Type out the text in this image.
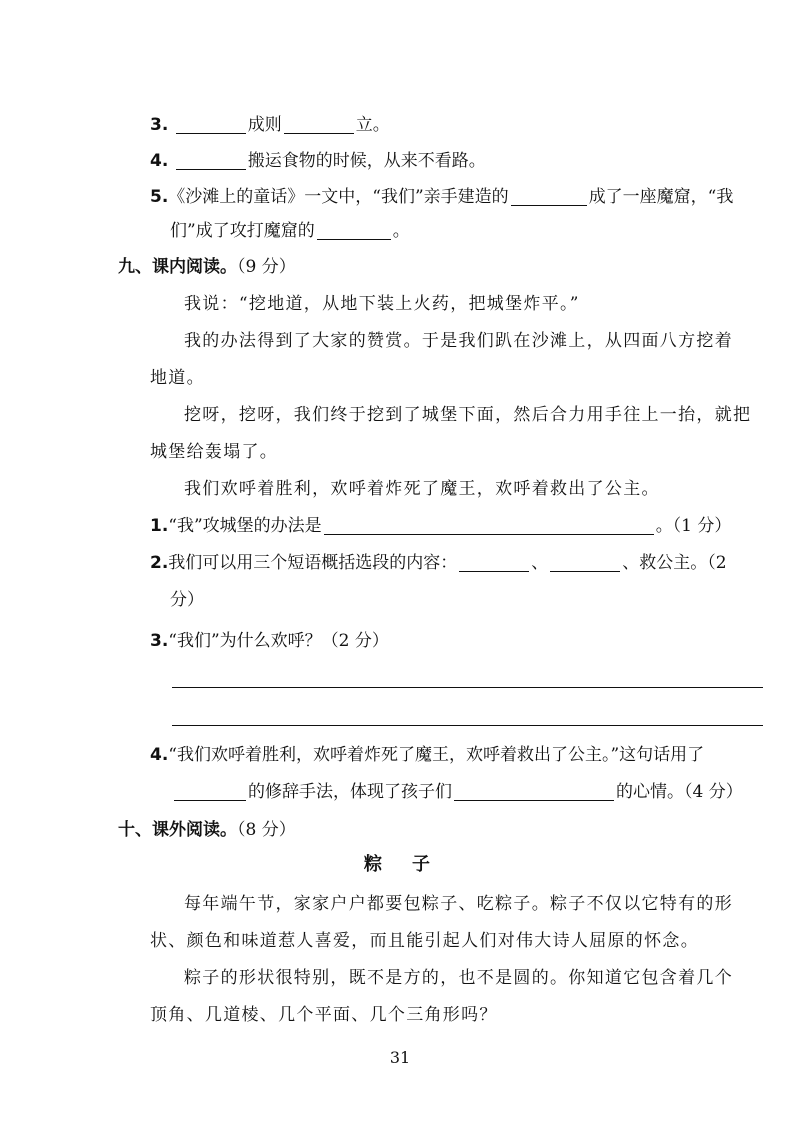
3.	成则	立。
4.	搬运食物的时候，从来不看路。
5.《沙滩上的童话》一文中，“我们”亲手建造的	成了一座魔窟，“我
们”成了攻打魔窟的	。
九、课内阅读。（9 分）
我说：“挖地道，从地下装上火药，把城堡炸平。”
我的办法得到了大家的赞赏。于是我们趴在沙滩上，从四面八方挖着
地道。
挖呀，挖呀，我们终于挖到了城堡下面，然后合力用手往上一抬，就把
城堡给轰塌了。
我们欢呼着胜利，欢呼着炸死了魔王，欢呼着救出了公主。
1.“我”攻城堡的办法是	。（1 分）
2.我们可以用三个短语概括选段的内容：	、	、救公主。（2
分）
3.“我们”为什么欢呼？（2 分）
4.“我们欢呼着胜利，欢呼着炸死了魔王，欢呼着救出了公主。”这句话用了
的修辞手法，体现了孩子们	的心情。（4 分）
十、课外阅读。（8 分）
粽　子
每年端午节，家家户户都要包粽子、吃粽子。粽子不仅以它特有的形
状、颜色和味道惹人喜爱，而且能引起人们对伟大诗人屈原的怀念。
粽子的形状很特别，既不是方的，也不是圆的。你知道它包含着几个
顶角、几道棱、几个平面、几个三角形吗？
31
